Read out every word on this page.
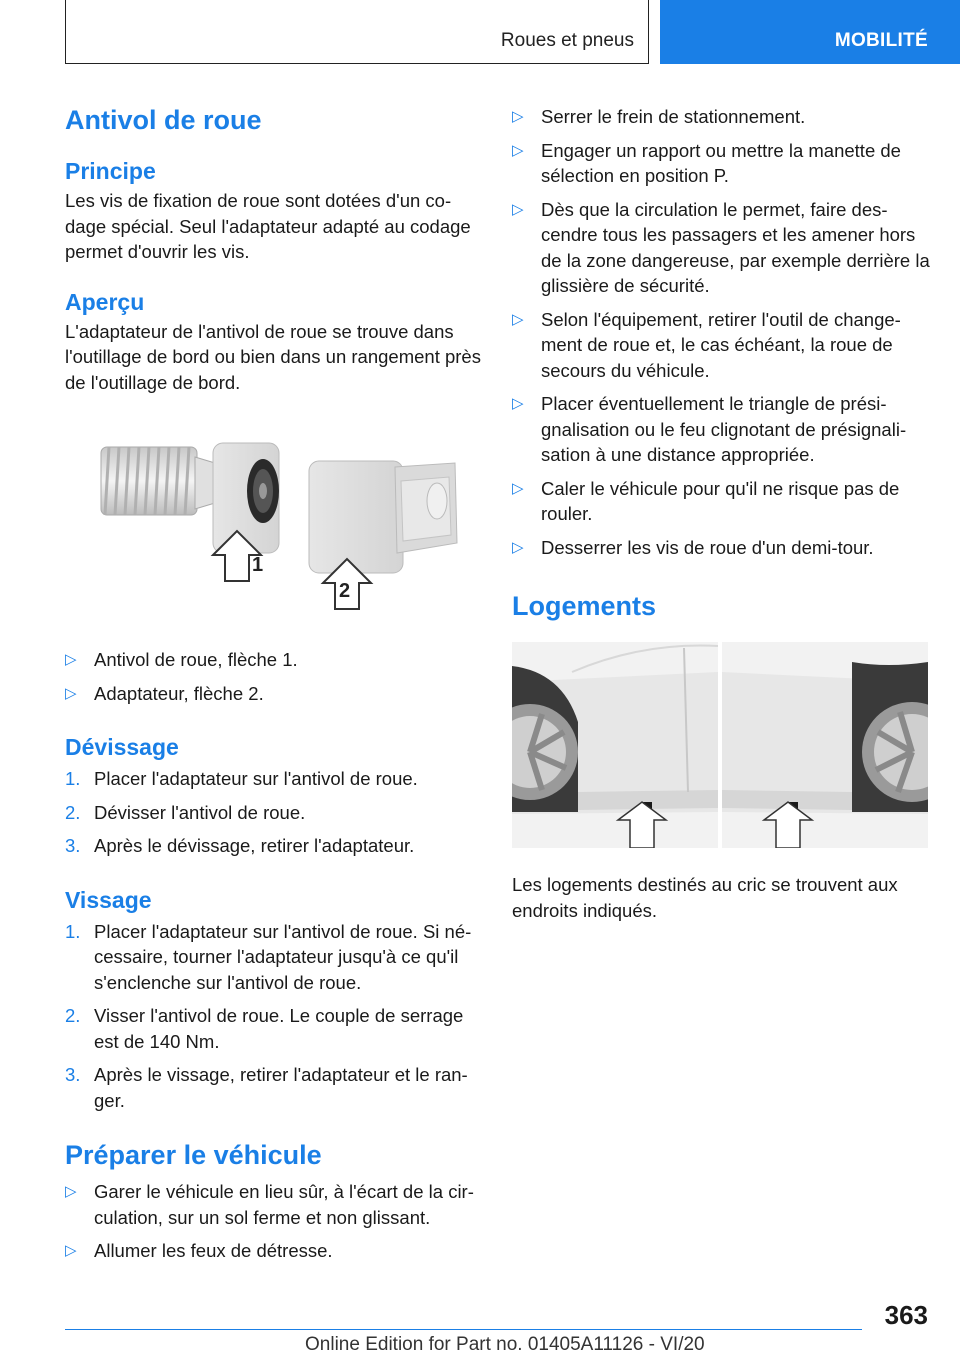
Roues et pneus	MOBILITÉ
Antivol de roue
Principe

Les vis de fixation de roue sont dotées d'un co-dage spécial. Seul l'adaptateur adapté au codage permet d'ouvrir les vis.

Aperçu

L'adaptateur de l'antivol de roue se trouve dans l'outillage de bord ou bien dans un rangement près de l'outillage de bord.

1
2
▷ Antivol de roue, flèche 1.
▷ Adaptateur, flèche 2.
Dévissage
1. Placer l'adaptateur sur l'antivol de roue.
2. Dévisser l'antivol de roue.
3. Après le dévissage, retirer l'adaptateur.
Vissage
1. Placer l'adaptateur sur l'antivol de roue. Si né-cessaire, tourner l'adaptateur jusqu'à ce qu'il s'enclenche sur l'antivol de roue.
2. Visser l'antivol de roue. Le couple de serrage est de 140 Nm.
3. Après le vissage, retirer l'adaptateur et le ran-ger.
Préparer le véhicule
▷ Garer le véhicule en lieu sûr, à l'écart de la cir-culation, sur un sol ferme et non glissant.
▷ Allumer les feux de détresse.
▷ Serrer le frein de stationnement.
▷ Engager un rapport ou mettre la manette de sélection en position P.
▷ Dès que la circulation le permet, faire des-cendre tous les passagers et les amener hors de la zone dangereuse, par exemple derrière la glissière de sécurité.
▷ Selon l'équipement, retirer l'outil de change-ment de roue et, le cas échéant, la roue de secours du véhicule.
▷ Placer éventuellement le triangle de prési-gnalisation ou le feu clignotant de présignali-sation à une distance appropriée.
▷ Caler le véhicule pour qu'il ne risque pas de rouler.
▷ Desserrer les vis de roue d'un demi-tour.
Logements

Les logements destinés au cric se trouvent aux endroits indiqués.

363
Online Edition for Part no. 01405A11126 - VI/20
